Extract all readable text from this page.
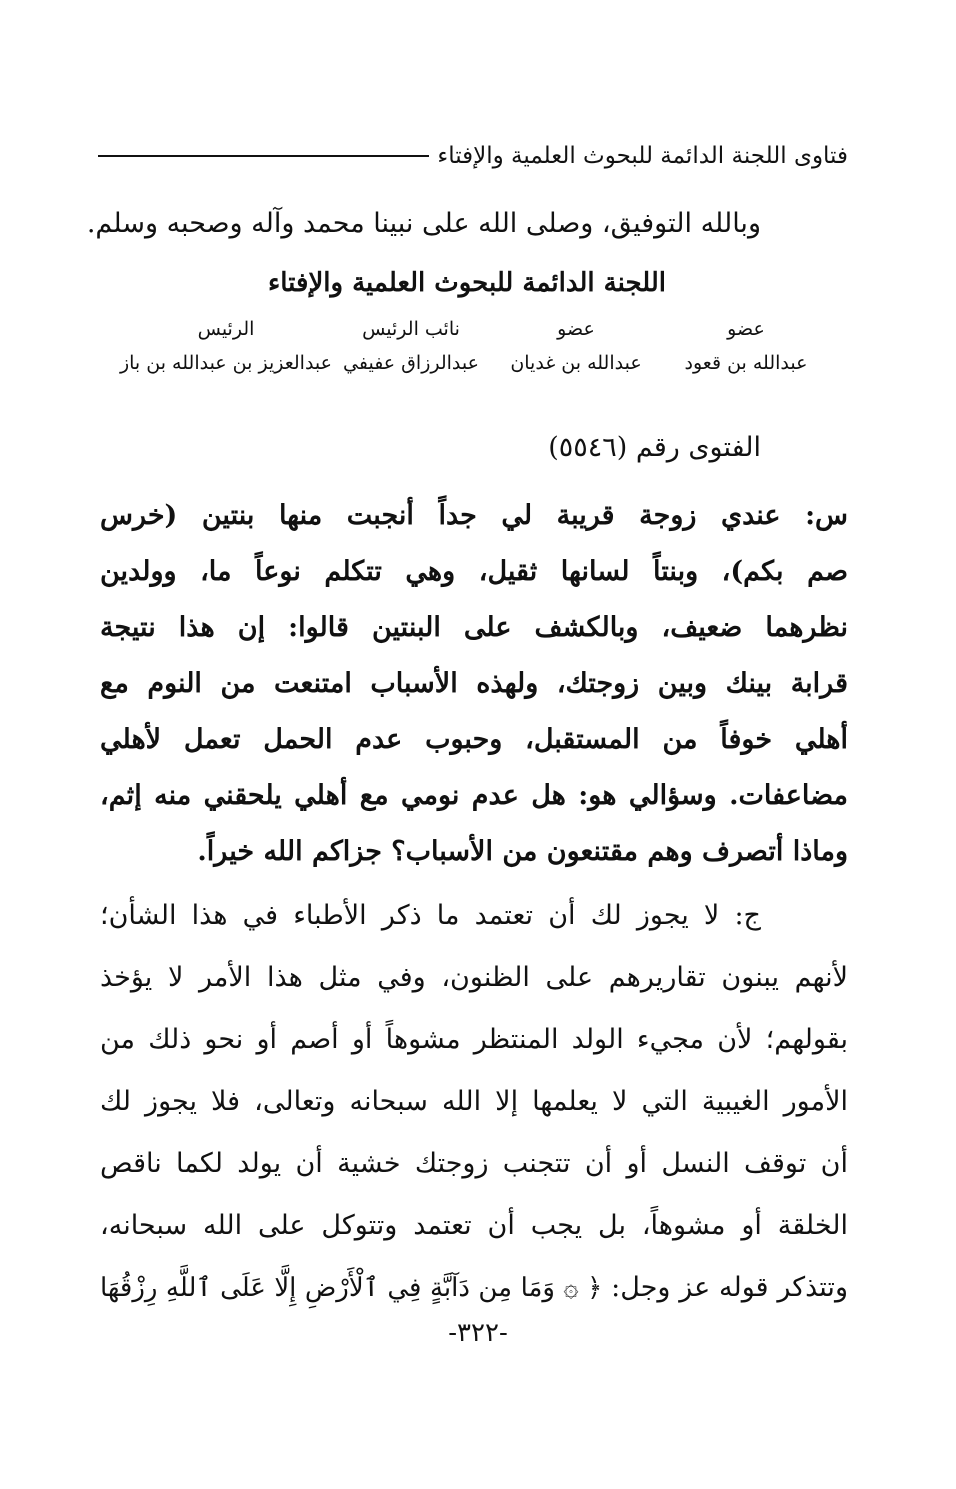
فتاوى اللجنة الدائمة للبحوث العلمية والإفتاء
وبالله التوفيق، وصلى الله على نبينا محمد وآله وصحبه وسلم.
اللجنة الدائمة للبحوث العلمية والإفتاء
عضو
عبدالله بن قعود
عضو
عبدالله بن غديان
نائب الرئيس
عبدالرزاق عفيفي
الرئيس
عبدالعزيز بن عبدالله بن باز
الفتوى رقم (٥٥٤٦)
س: عندي زوجة قريبة لي جداً أنجبت منها بنتين (خرس
صم بكم)، وبنتاً لسانها ثقيل، وهي تتكلم نوعاً ما، وولدين
نظرهما ضعيف، وبالكشف على البنتين قالوا: إن هذا نتيجة
قرابة بينك وبين زوجتك، ولهذه الأسباب امتنعت من النوم مع
أهلي خوفاً من المستقبل، وحبوب عدم الحمل تعمل لأهلي
مضاعفات. وسؤالي هو: هل عدم نومي مع أهلي يلحقني منه إثم،
وماذا أتصرف وهم مقتنعون من الأسباب؟ جزاكم الله خيراً.
ج: لا يجوز لك أن تعتمد ما ذكر الأطباء في هذا الشأن؛
لأنهم يبنون تقاريرهم على الظنون، وفي مثل هذا الأمر لا يؤخذ
بقولهم؛ لأن مجيء الولد المنتظر مشوهاً أو أصم أو نحو ذلك من
الأمور الغيبية التي لا يعلمها إلا الله سبحانه وتعالى، فلا يجوز لك
أن توقف النسل أو أن تتجنب زوجتك خشية أن يولد لكما ناقص
الخلقة أو مشوهاً، بل يجب أن تعتمد وتتوكل على الله سبحانه،
وتتذكر قوله عز وجل: ﴿ ۞ وَمَا مِن دَآبَّةٍ فِي ٱلْأَرْضِ إِلَّا عَلَى ٱللَّهِ رِزْقُهَا
-٣٢٢-
